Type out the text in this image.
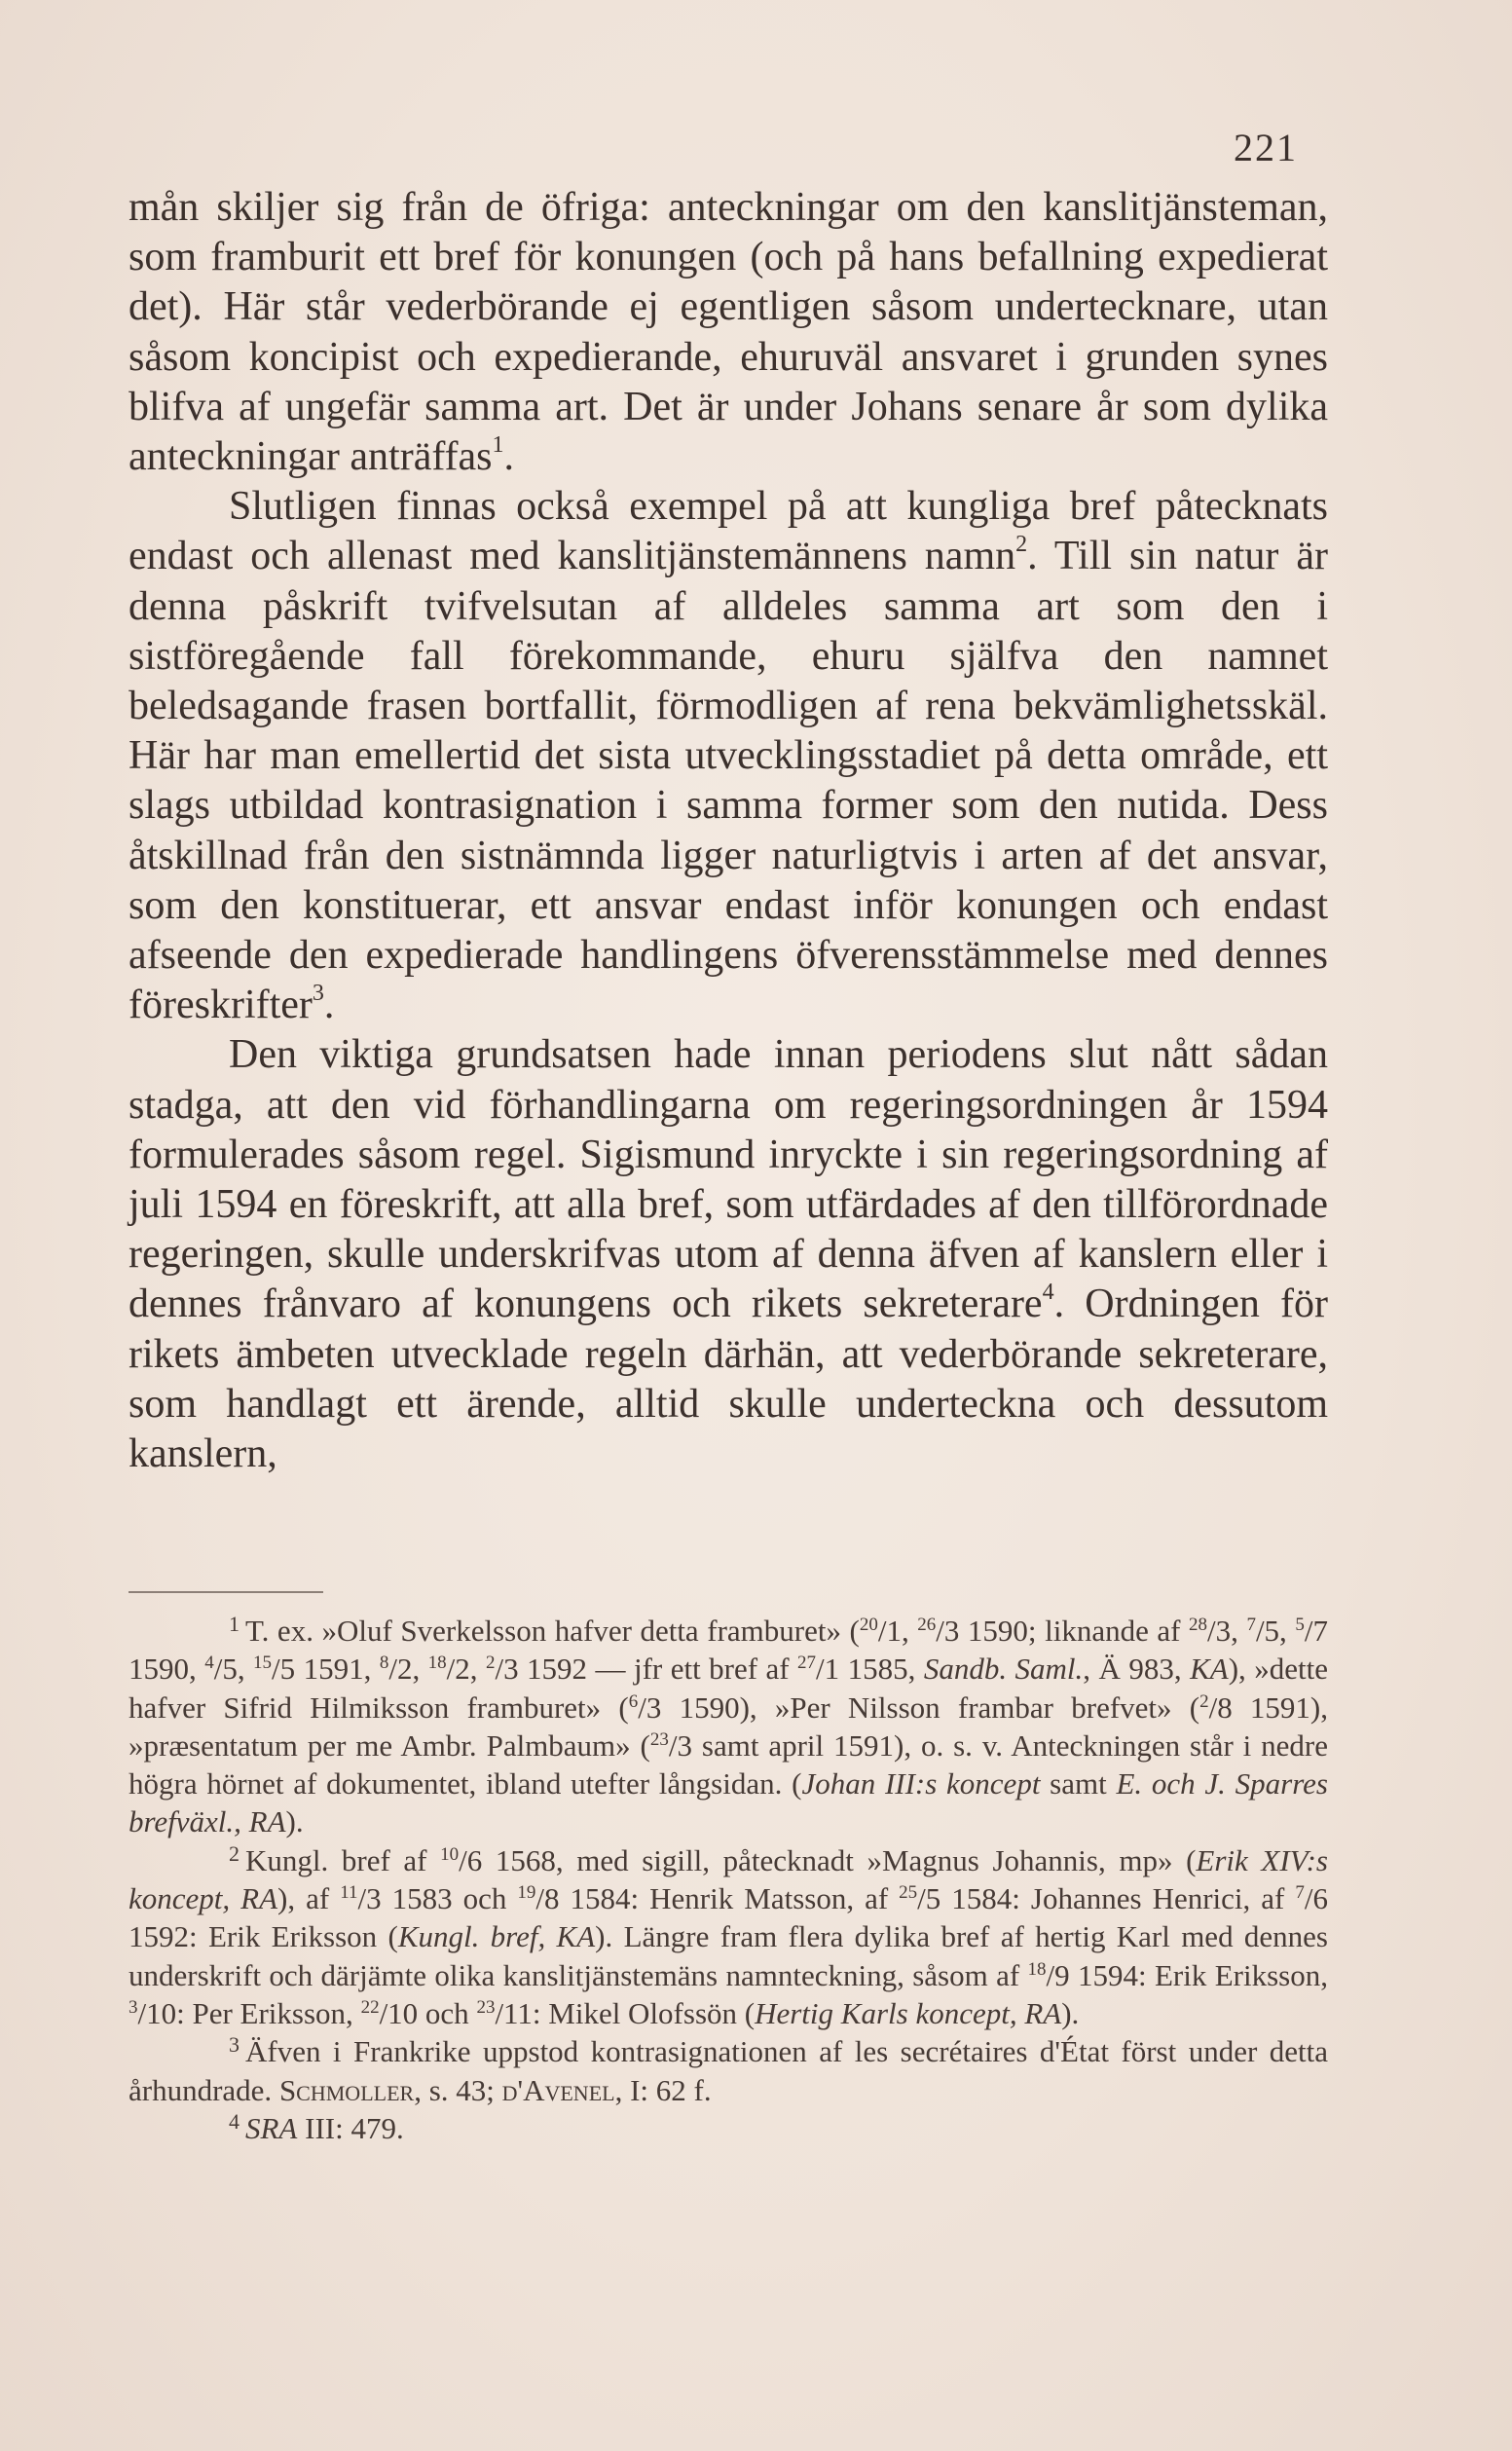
221

mån skiljer sig från de öfriga: anteckningar om den kanslitjänsteman, som framburit ett bref för konungen (och på hans befallning expedierat det). Här står vederbörande ej egentligen såsom undertecknare, utan såsom koncipist och expedierande, ehuruväl ansvaret i grunden synes blifva af ungefär samma art. Det är under Johans senare år som dylika anteckningar anträffas$^1$.

Slutligen finnas också exempel på att kungliga bref påtecknats endast och allenast med kanslitjänstemännens namn$^2$. Till sin natur är denna påskrift tvifvelsutan af alldeles samma art som den i sistföregående fall förekommande, ehuru själfva den namnet beledsagande frasen bortfallit, förmodligen af rena bekvämlighetsskäl. Här har man emellertid det sista utvecklingsstadiet på detta område, ett slags utbildad kontrasignation i samma former som den nutida. Dess åtskillnad från den sistnämnda ligger naturligtvis i arten af det ansvar, som den konstituerar, ett ansvar endast inför konungen och endast afseende den expedierade handlingens öfverensstämmelse med dennes föreskrifter$^3$.

Den viktiga grundsatsen hade innan periodens slut nått sådan stadga, att den vid förhandlingarna om regeringsordningen år 1594 formulerades såsom regel. Sigismund inryckte i sin regeringsordning af juli 1594 en föreskrift, att alla bref, som utfärdades af den tillförordnade regeringen, skulle underskrifvas utom af denna äfven af kanslern eller i dennes frånvaro af konungens och rikets sekreterare$^4$. Ordningen för rikets ämbeten utvecklade regeln därhän, att vederbörande sekreterare, som handlagt ett ärende, alltid skulle underteckna och dessutom kanslern,

$^1$ T. ex. »Oluf Sverkelsson hafver detta framburet» ($^{20}$/1, $^{26}$/3 1590; liknande af $^{28}$/3, $^7$/5, $^5$/7 1590, $^4$/5, $^{15}$/5 1591, $^8$/2, $^{18}$/2, $^2$/3 1592 — jfr ett bref af $^{27}$/1 1585, Sandb. Saml., Ä 983, KA), »dette hafver Sifrid Hilmiksson framburet» ($^6$/3 1590), »Per Nilsson frambar brefvet» ($^2$/8 1591), »præsentatum per me Ambr. Palmbaum» ($^{23}$/3 samt april 1591), o. s. v. Anteckningen står i nedre högra hörnet af dokumentet, ibland utefter långsidan. (Johan III:s koncept samt E. och J. Sparres brefväxl., RA).

$^2$ Kungl. bref af $^{10}$/6 1568, med sigill, påtecknadt »Magnus Johannis, mp» (Erik XIV:s koncept, RA), af $^{11}$/3 1583 och $^{19}$/8 1584: Henrik Matsson, af $^{25}$/5 1584: Johannes Henrici, af $^7$/6 1592: Erik Eriksson (Kungl. bref, KA). Längre fram flera dylika bref af hertig Karl med dennes underskrift och därjämte olika kanslitjänstemäns namnteckning, såsom af $^{18}$/9 1594: Erik Eriksson, $^3$/10: Per Eriksson, $^{22}$/10 och $^{23}$/11: Mikel Olofssön (Hertig Karls koncept, RA).

$^3$ Äfven i Frankrike uppstod kontrasignationen af les secrétaires d'État först under detta århundrade. Schmoller, s. 43; d'Avenel, I: 62 f.

$^4$ SRA III: 479.
